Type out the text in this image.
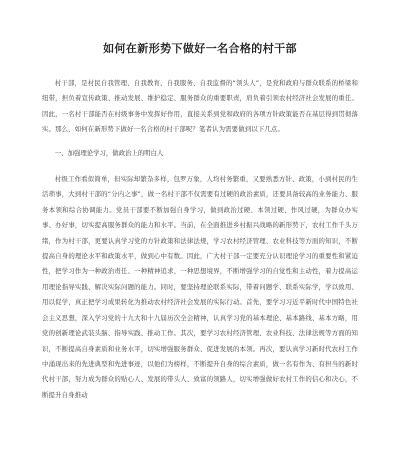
如何在新形势下做好一名合格的村干部

村干部，是村民自我管理、自我教育、自我服务、自我监督的“领头人”，是党和政府与群众联系的桥梁和纽带，担负着宣传政策、推动发展、维护稳定、服务群众的重要职责，肩负着引领农村经济社会发展的重任。因此，一名村干部能否在村级事务中发挥好作用，直接关系到党和政府的各项方针政策能否在基层得到贯彻落实。那么，如何在新形势下做好一名合格的村干部呢？笔者认为需要做到以下几点。

一、加强理论学习，做政治上的明白人

村级工作看似简单，但实际却繁杂多样，包罗万象，人均村务繁重，又要熟悉方针、政策，小到村民的生活琐事，大到村干部的“分内之事”，做一名村干部不仅需要有过硬的政治素质，还要具备较高的业务能力、服务本领和综合协调能力。党员干部要不断加强自身学习，做到政治过硬、本领过硬、作风过硬，为群众办实事、办好事，切实提高服务群众的能力和水平。当前，在全面推进乡村振兴战略的新形势下，农村工作千头万绪，作为村干部，更要认真学习党的方针政策和法律法规，学习农村经济管理、农业科技等方面的知识，不断提高自身的理论水平和政策水平，做到心中有数。因此，广大村干部一定要充分认识理论学习的重要性和紧迫性，把学习作为一种政治责任、一种精神追求、一种思想境界，不断增强学习的自觉性和主动性，着力提高运用理论指导实践、解决实际问题的能力。同时，要坚持理论联系实际，带着问题学、联系实际学，学以致用、用以促学，真正把学习成果转化为推动农村经济社会发展的实际行动。首先，要学习习近平新时代中国特色社会主义思想，深入学习党的十九大和十九届历次全会精神，认真学习党的基本理论、基本路线、基本方略，用党的创新理论武装头脑、指导实践、推动工作。其次，要学习农村经济管理、农业科技、法律法规等方面的知识，不断提高自身素质和业务水平，切实增强服务群众、促进发展的本领。再次，要认真学习新时代农村工作中涌现出来的先进典型和先进事迹，以他们为榜样，不断提升自身的综合素质，做一名有作为、有担当的新时代村干部，努力成为群众的贴心人、发展的带头人、致富的领路人，切实增强做好农村工作的信心和决心，不断提升自身推动
